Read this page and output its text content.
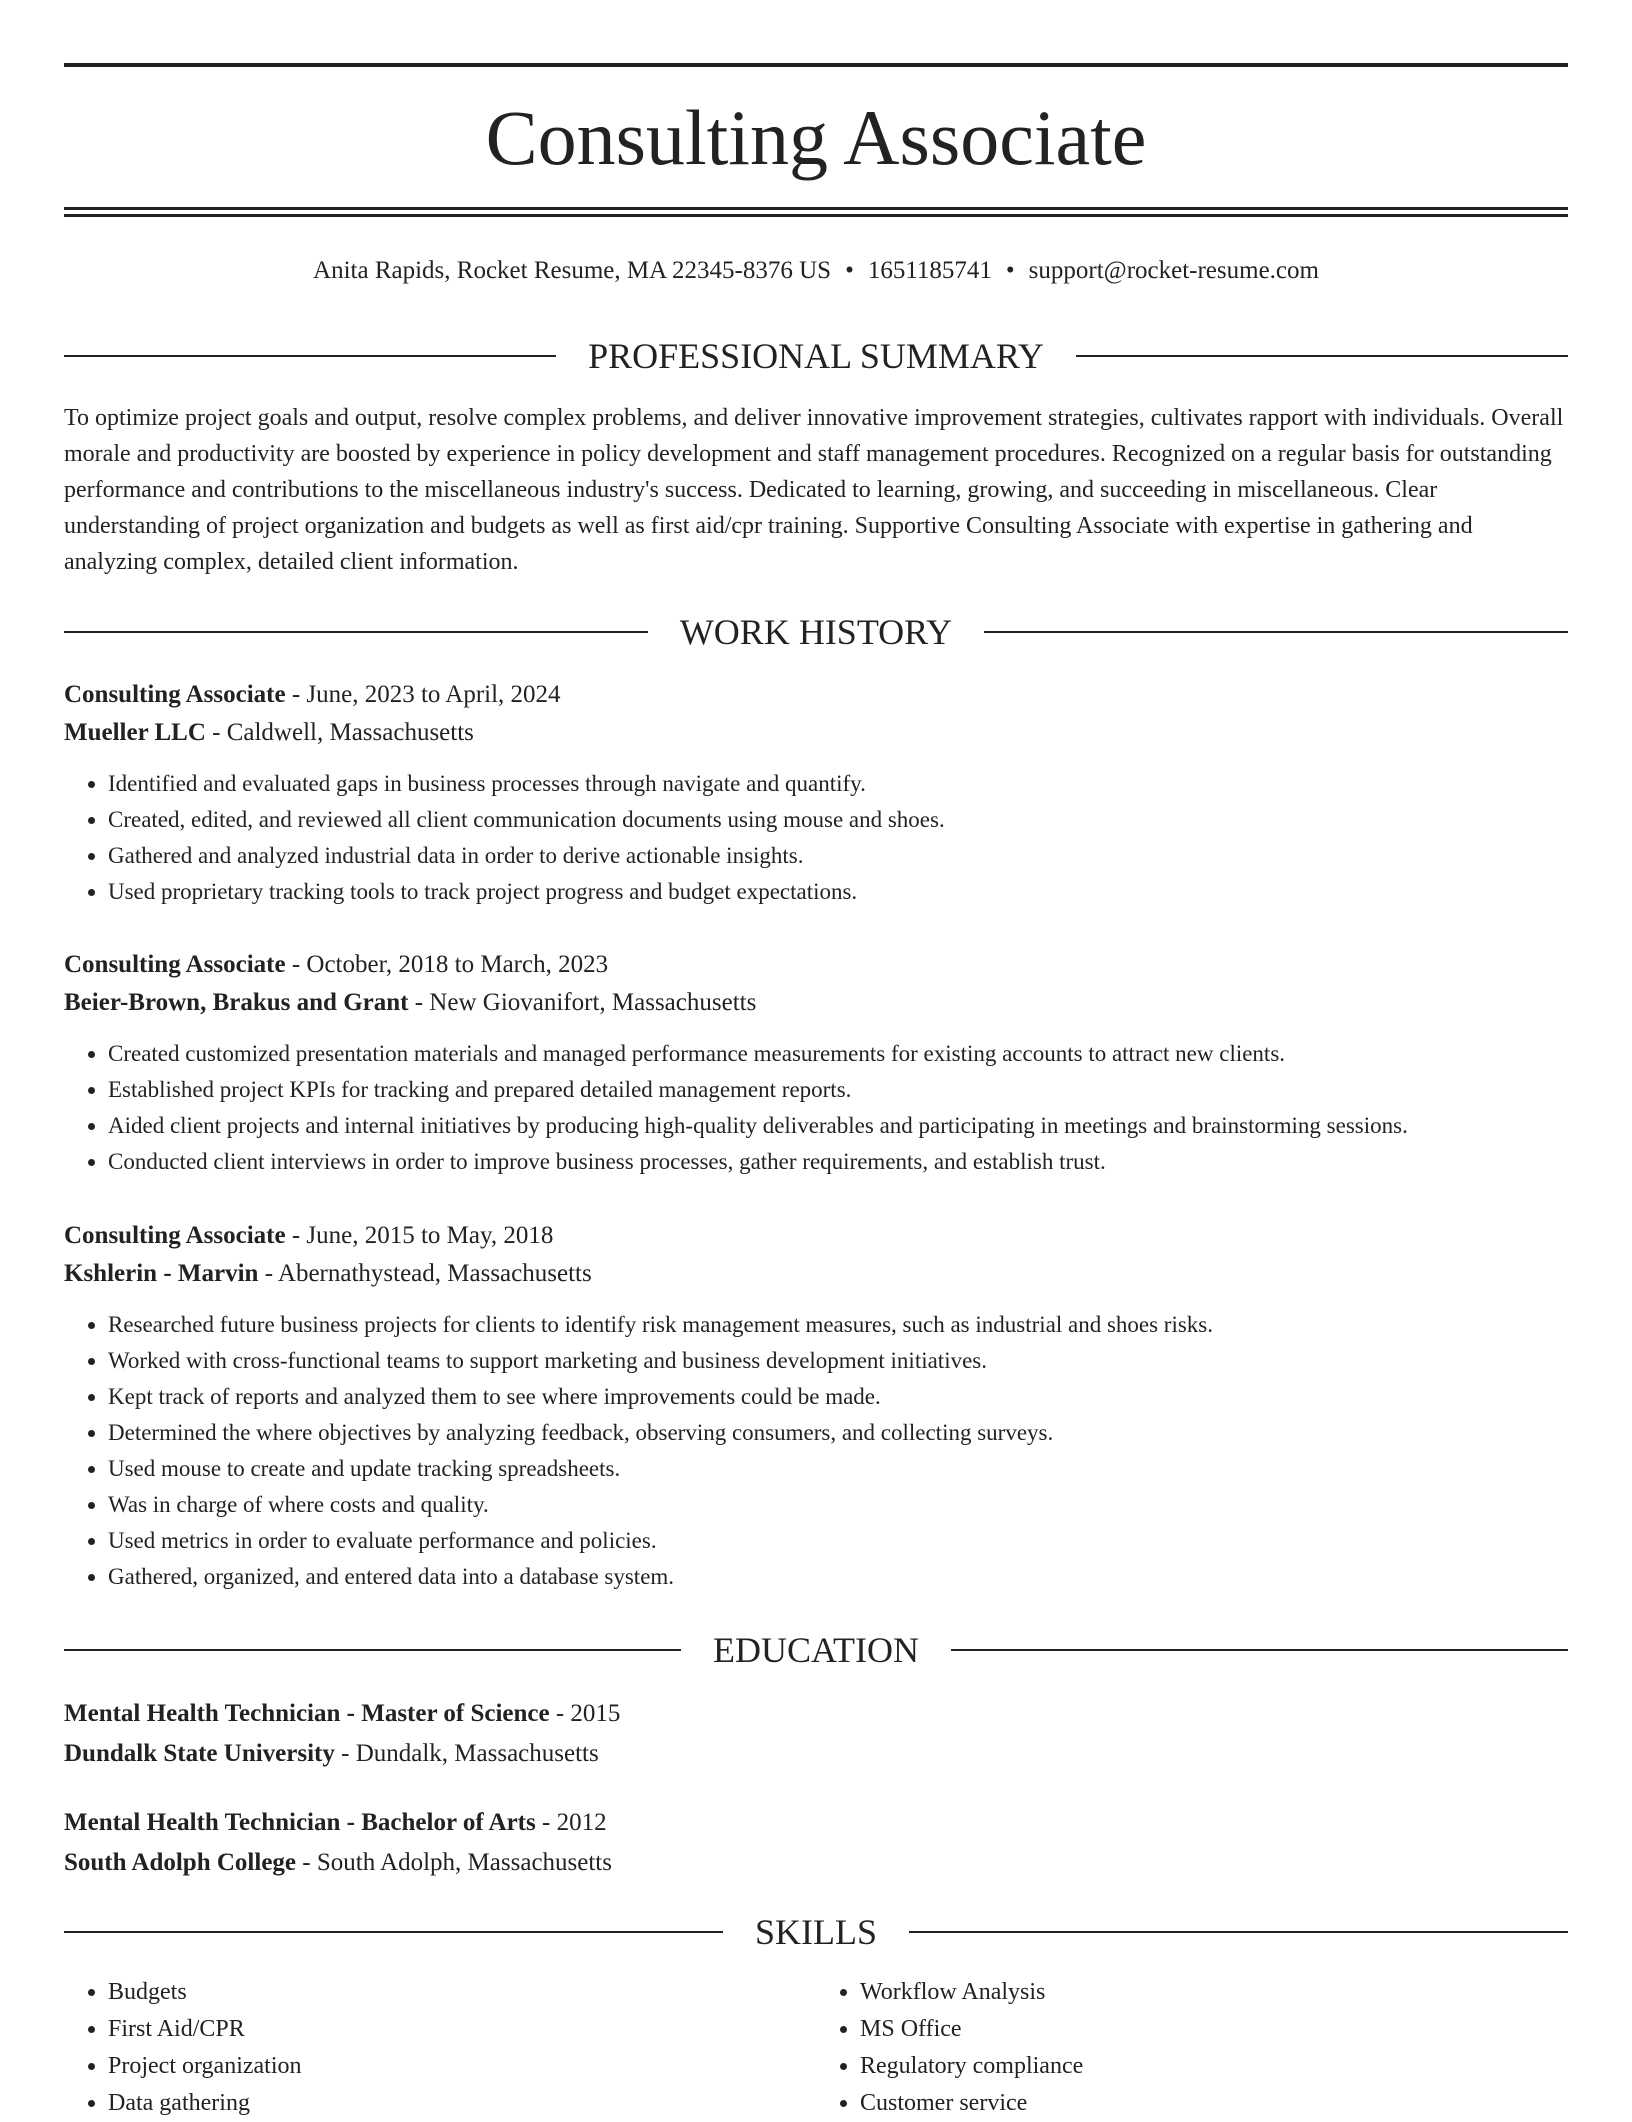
Consulting Associate
Anita Rapids, Rocket Resume, MA 22345-8376 US • 1651185741 • support@rocket-resume.com
PROFESSIONAL SUMMARY

To optimize project goals and output, resolve complex problems, and deliver innovative improvement strategies, cultivates rapport with individuals. Overall morale and productivity are boosted by experience in policy development and staff management procedures. Recognized on a regular basis for outstanding performance and contributions to the miscellaneous industry's success. Dedicated to learning, growing, and succeeding in miscellaneous. Clear understanding of project organization and budgets as well as first aid/cpr training. Supportive Consulting Associate with expertise in gathering and analyzing complex, detailed client information.

WORK HISTORY
Consulting Associate - June, 2023 to April, 2024
Mueller LLC - Caldwell, Massachusetts
• Identified and evaluated gaps in business processes through navigate and quantify.
• Created, edited, and reviewed all client communication documents using mouse and shoes.
• Gathered and analyzed industrial data in order to derive actionable insights.
• Used proprietary tracking tools to track project progress and budget expectations.
Consulting Associate - October, 2018 to March, 2023
Beier-Brown, Brakus and Grant - New Giovanifort, Massachusetts
• Created customized presentation materials and managed performance measurements for existing accounts to attract new clients.
• Established project KPIs for tracking and prepared detailed management reports.
• Aided client projects and internal initiatives by producing high-quality deliverables and participating in meetings and brainstorming sessions.
• Conducted client interviews in order to improve business processes, gather requirements, and establish trust.
Consulting Associate - June, 2015 to May, 2018
Kshlerin - Marvin - Abernathystead, Massachusetts
• Researched future business projects for clients to identify risk management measures, such as industrial and shoes risks.
• Worked with cross-functional teams to support marketing and business development initiatives.
• Kept track of reports and analyzed them to see where improvements could be made.
• Determined the where objectives by analyzing feedback, observing consumers, and collecting surveys.
• Used mouse to create and update tracking spreadsheets.
• Was in charge of where costs and quality.
• Used metrics in order to evaluate performance and policies.
• Gathered, organized, and entered data into a database system.
EDUCATION
Mental Health Technician - Master of Science - 2015
Dundalk State University - Dundalk, Massachusetts
Mental Health Technician - Bachelor of Arts - 2012
South Adolph College - South Adolph, Massachusetts
SKILLS
• Budgets
• First Aid/CPR
• Project organization
• Data gathering
• Workflow Analysis
• MS Office
• Regulatory compliance
• Customer service
